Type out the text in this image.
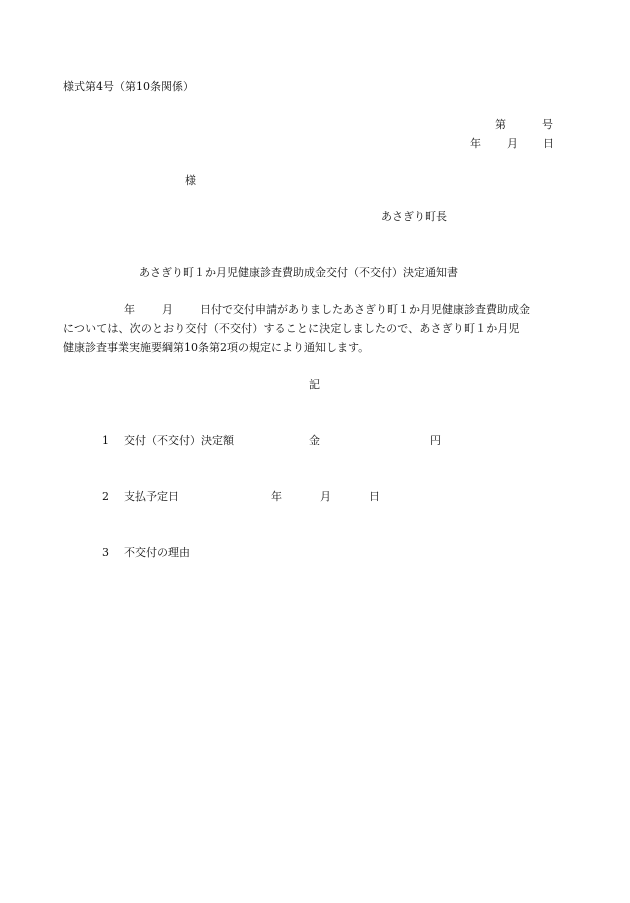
様式第4号（第10条関係）
第	号
年 月 日
様
あさぎり町長
あさぎり町１か月児健康診査費助成金交付（不交付）決定通知書
年 月 日付で交付申請がありましたあさぎり町１か月児健康診査費助成金
については、次のとおり交付（不交付）することに決定しましたので、あさぎり町１か月児
健康診査事業実施要綱第10条第2項の規定により通知します。
記
1 交付（不交付）決定額	金	円
2 支払予定日	年	月	日
3 不交付の理由
